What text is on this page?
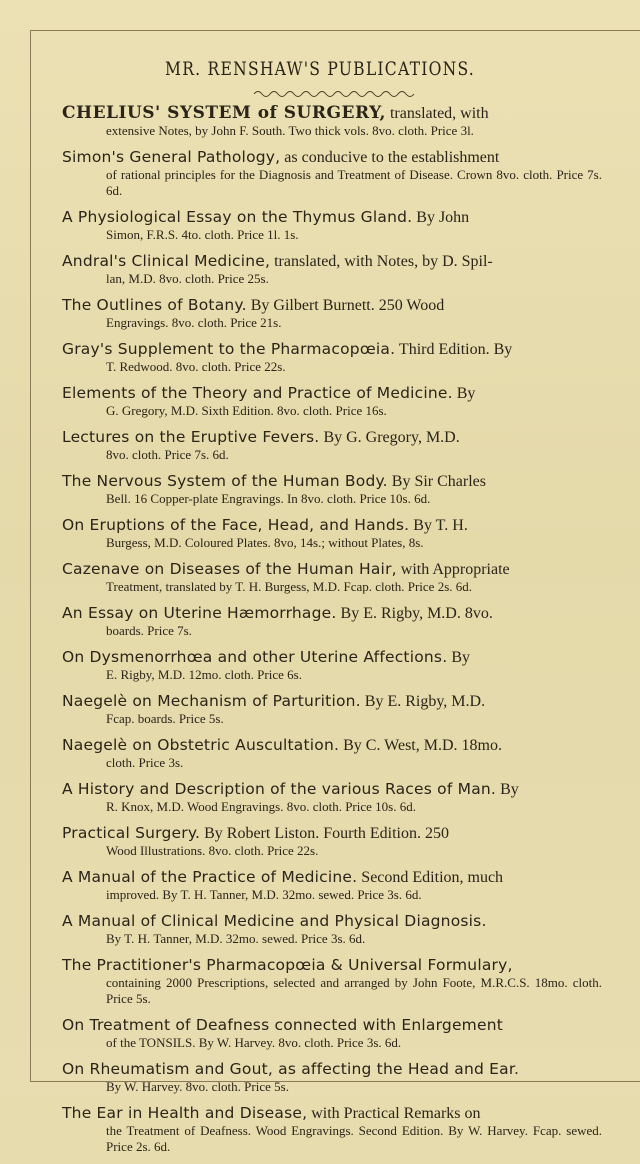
MR. RENSHAW'S PUBLICATIONS.
CHELIUS' SYSTEM of SURGERY, translated, with
extensive Notes, by John F. South. Two thick vols. 8vo. cloth. Price 3l.
Simon's General Pathology, as conducive to the establishment
of rational principles for the Diagnosis and Treatment of Disease. Crown 8vo. cloth. Price 7s. 6d.
A Physiological Essay on the Thymus Gland. By John
Simon, F.R.S. 4to. cloth. Price 1l. 1s.
Andral's Clinical Medicine, translated, with Notes, by D. Spil-
lan, M.D. 8vo. cloth. Price 25s.
The Outlines of Botany. By Gilbert Burnett. 250 Wood
Engravings. 8vo. cloth. Price 21s.
Gray's Supplement to the Pharmacopœia. Third Edition. By
T. Redwood. 8vo. cloth. Price 22s.
Elements of the Theory and Practice of Medicine. By
G. Gregory, M.D. Sixth Edition. 8vo. cloth. Price 16s.
Lectures on the Eruptive Fevers. By G. Gregory, M.D.
8vo. cloth. Price 7s. 6d.
The Nervous System of the Human Body. By Sir Charles
Bell. 16 Copper-plate Engravings. In 8vo. cloth. Price 10s. 6d.
On Eruptions of the Face, Head, and Hands. By T. H.
Burgess, M.D. Coloured Plates. 8vo, 14s.; without Plates, 8s.
Cazenave on Diseases of the Human Hair, with Appropriate
Treatment, translated by T. H. Burgess, M.D. Fcap. cloth. Price 2s. 6d.
An Essay on Uterine Hæmorrhage. By E. Rigby, M.D. 8vo.
boards. Price 7s.
On Dysmenorrhœa and other Uterine Affections. By
E. Rigby, M.D. 12mo. cloth. Price 6s.
Naegelè on Mechanism of Parturition. By E. Rigby, M.D.
Fcap. boards. Price 5s.
Naegelè on Obstetric Auscultation. By C. West, M.D. 18mo.
cloth. Price 3s.
A History and Description of the various Races of Man. By
R. Knox, M.D. Wood Engravings. 8vo. cloth. Price 10s. 6d.
Practical Surgery. By Robert Liston. Fourth Edition. 250
Wood Illustrations. 8vo. cloth. Price 22s.
A Manual of the Practice of Medicine. Second Edition, much
improved. By T. H. Tanner, M.D. 32mo. sewed. Price 3s. 6d.
A Manual of Clinical Medicine and Physical Diagnosis.
By T. H. Tanner, M.D. 32mo. sewed. Price 3s. 6d.
The Practitioner's Pharmacopœia & Universal Formulary,
containing 2000 Prescriptions, selected and arranged by John Foote, M.R.C.S. 18mo. cloth. Price 5s.
On Treatment of Deafness connected with Enlargement
of the TONSILS. By W. Harvey. 8vo. cloth. Price 3s. 6d.
On Rheumatism and Gout, as affecting the Head and Ear.
By W. Harvey. 8vo. cloth. Price 5s.
The Ear in Health and Disease, with Practical Remarks on
the Treatment of Deafness. Wood Engravings. Second Edition. By W. Harvey. Fcap. sewed. Price 2s. 6d.
